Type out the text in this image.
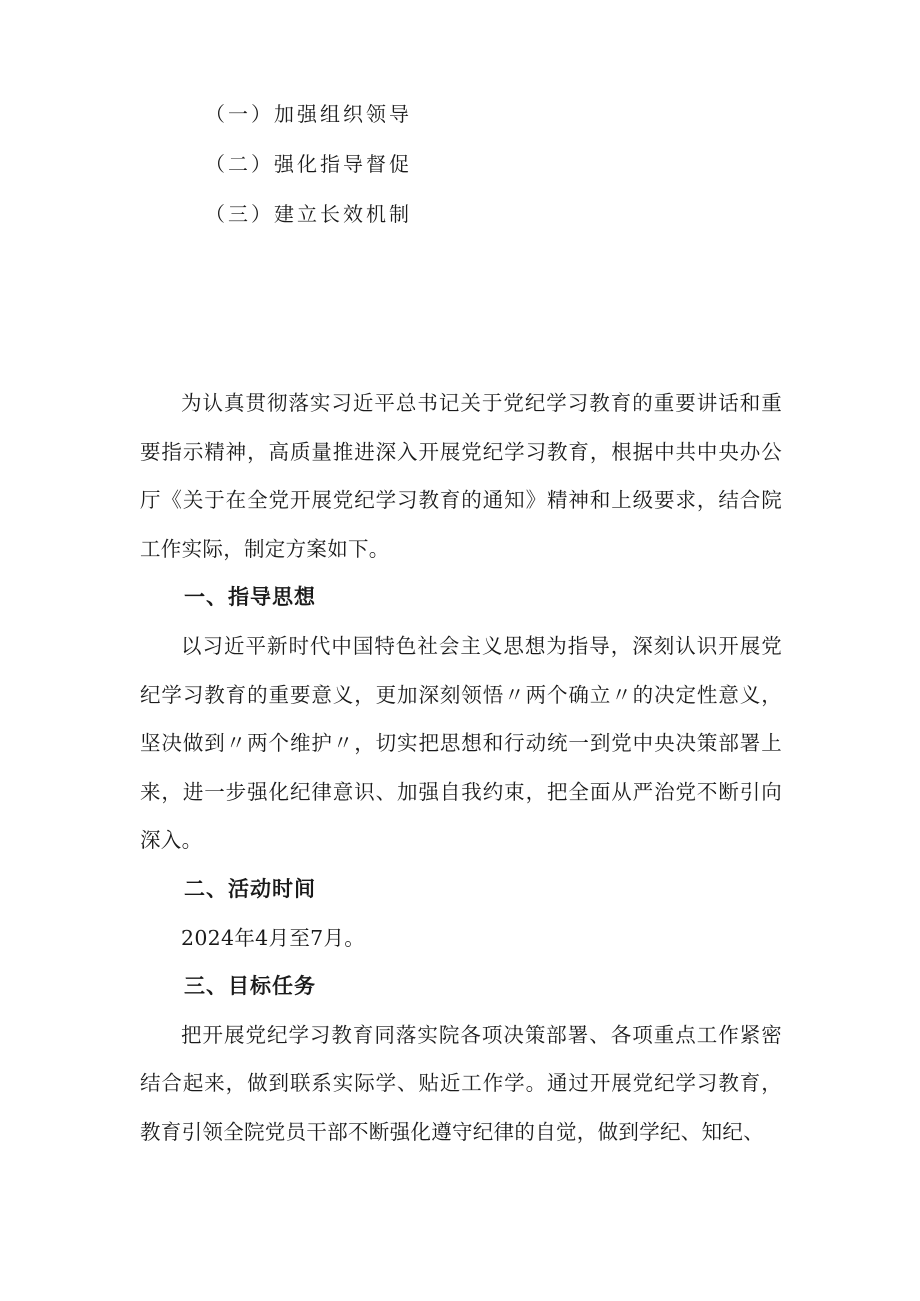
（一）加强组织领导
（二）强化指导督促
（三）建立长效机制

为认真贯彻落实习近平总书记关于党纪学习教育的重要讲话和重要指示精神，高质量推进深入开展党纪学习教育，根据中共中央办公厅《关于在全党开展党纪学习教育的通知》精神和上级要求，结合院工作实际，制定方案如下。

一、指导思想

以习近平新时代中国特色社会主义思想为指导，深刻认识开展党纪学习教育的重要意义，更加深刻领悟〃两个确立〃的决定性意义，坚决做到〃两个维护〃，切实把思想和行动统一到党中央决策部署上来，进一步强化纪律意识、加强自我约束，把全面从严治党不断引向深入。

二、活动时间

2024年4月至7月。

三、目标任务

把开展党纪学习教育同落实院各项决策部署、各项重点工作紧密结合起来，做到联系实际学、贴近工作学。通过开展党纪学习教育，教育引领全院党员干部不断强化遵守纪律的自觉，做到学纪、知纪、
